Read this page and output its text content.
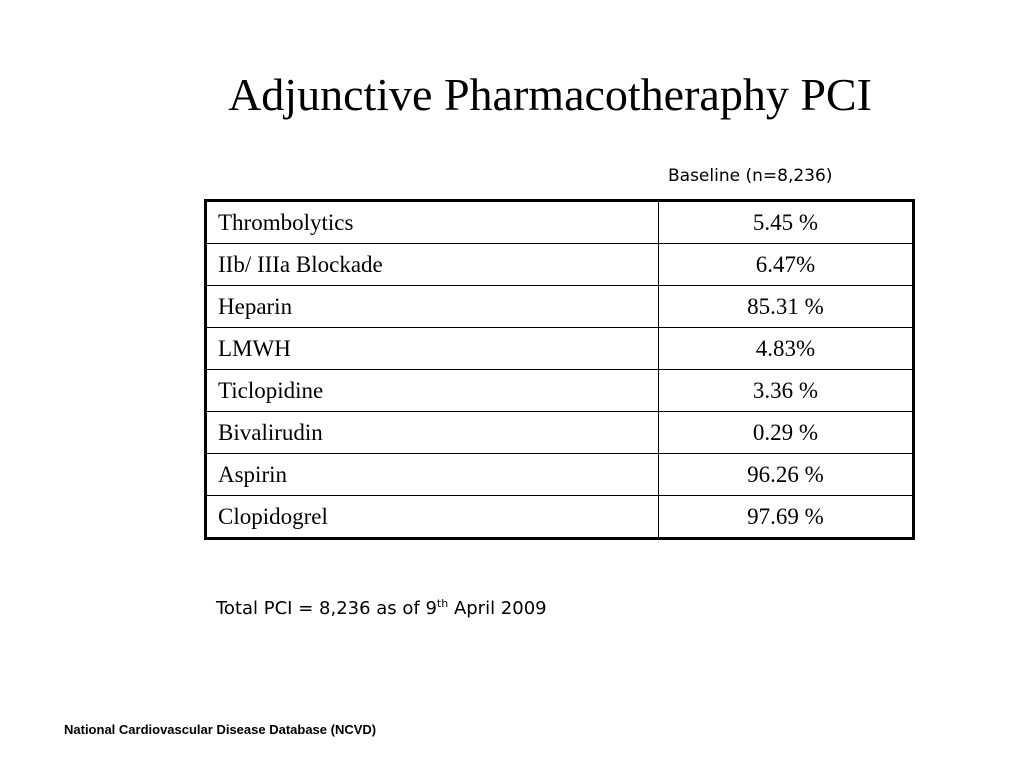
Adjunctive Pharmacotheraphy PCI
Baseline (n=8,236)
Thrombolytics	5.45 %
IIb/ IIIa Blockade	6.47%
Heparin	85.31 %
LMWH	4.83%
Ticlopidine	3.36 %
Bivalirudin	0.29 %
Aspirin	96.26 %
Clopidogrel	97.69 %
Total PCI = 8,236 as of 9th April 2009
National Cardiovascular Disease Database (NCVD)
